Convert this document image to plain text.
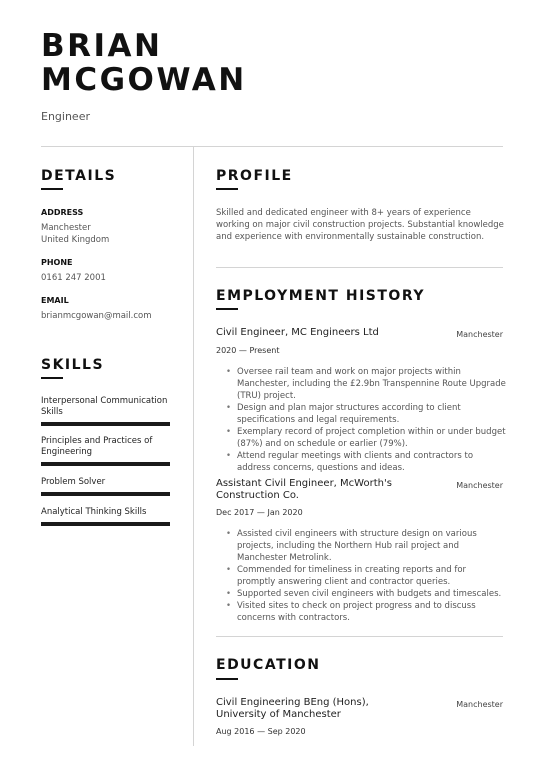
BRIAN
MCGOWAN
Engineer
DETAILS
ADDRESS
Manchester
United Kingdom
PHONE
0161 247 2001
EMAIL
brianmcgowan@mail.com
SKILLS
Interpersonal Communication Skills
Principles and Practices of Engineering
Problem Solver
Analytical Thinking Skills
PROFILE
Skilled and dedicated engineer with 8+ years of experience working on major civil construction projects. Substantial knowledge and experience with environmentally sustainable construction.
EMPLOYMENT HISTORY
Civil Engineer, MC Engineers Ltd	Manchester
2020 — Present
• Oversee rail team and work on major projects within Manchester, including the £2.9bn Transpennine Route Upgrade (TRU) project.
• Design and plan major structures according to client specifications and legal requirements.
• Exemplary record of project completion within or under budget (87%) and on schedule or earlier (79%).
• Attend regular meetings with clients and contractors to address concerns, questions and ideas.
Assistant Civil Engineer, McWorth's Construction Co.
Manchester
Dec 2017 — Jan 2020
• Assisted civil engineers with structure design on various projects, including the Northern Hub rail project and Manchester Metrolink.
• Commended for timeliness in creating reports and for promptly answering client and contractor queries.
• Supported seven civil engineers with budgets and timescales.
• Visited sites to check on project progress and to discuss concerns with contractors.
EDUCATION
Civil Engineering BEng (Hons), University of Manchester
Manchester
Aug 2016 — Sep 2020
